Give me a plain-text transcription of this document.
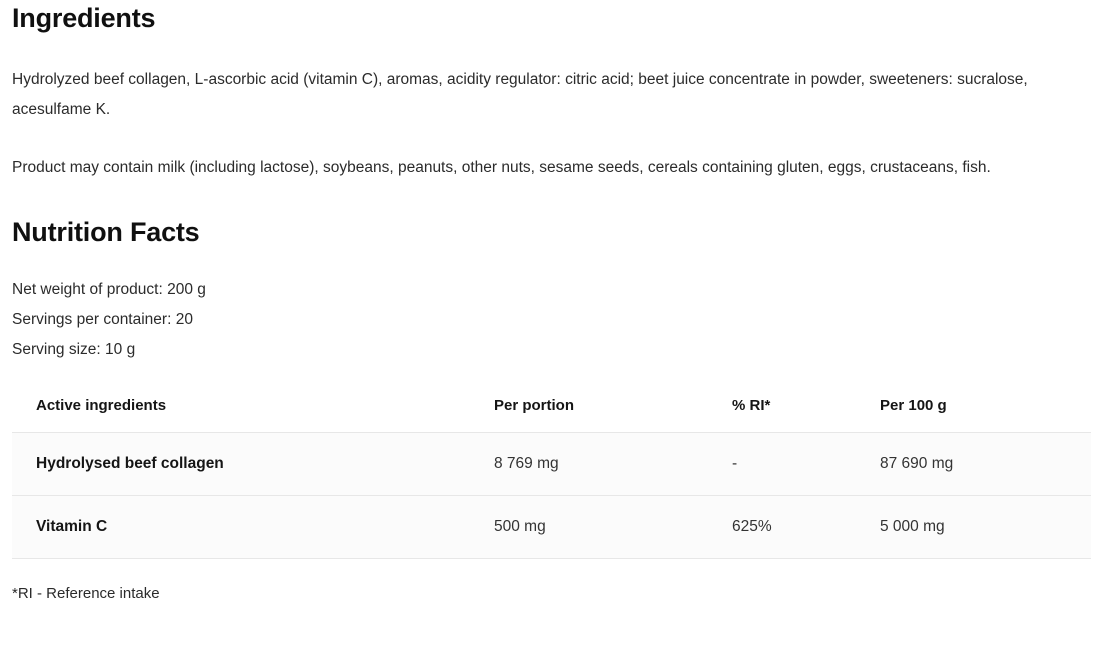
Ingredients

Hydrolyzed beef collagen, L-ascorbic acid (vitamin C), aromas, acidity regulator: citric acid; beet juice concentrate in powder, sweeteners: sucralose, acesulfame K.

Product may contain milk (including lactose), soybeans, peanuts, other nuts, sesame seeds, cereals containing gluten, eggs, crustaceans, fish.

Nutrition Facts
Net weight of product: 200 g
Servings per container: 20
Serving size: 10 g
Active ingredients	Per portion	% RI*	Per 100 g
Hydrolysed beef collagen	8 769 mg	-	87 690 mg
Vitamin C	500 mg	625%	5 000 mg
*RI - Reference intake
